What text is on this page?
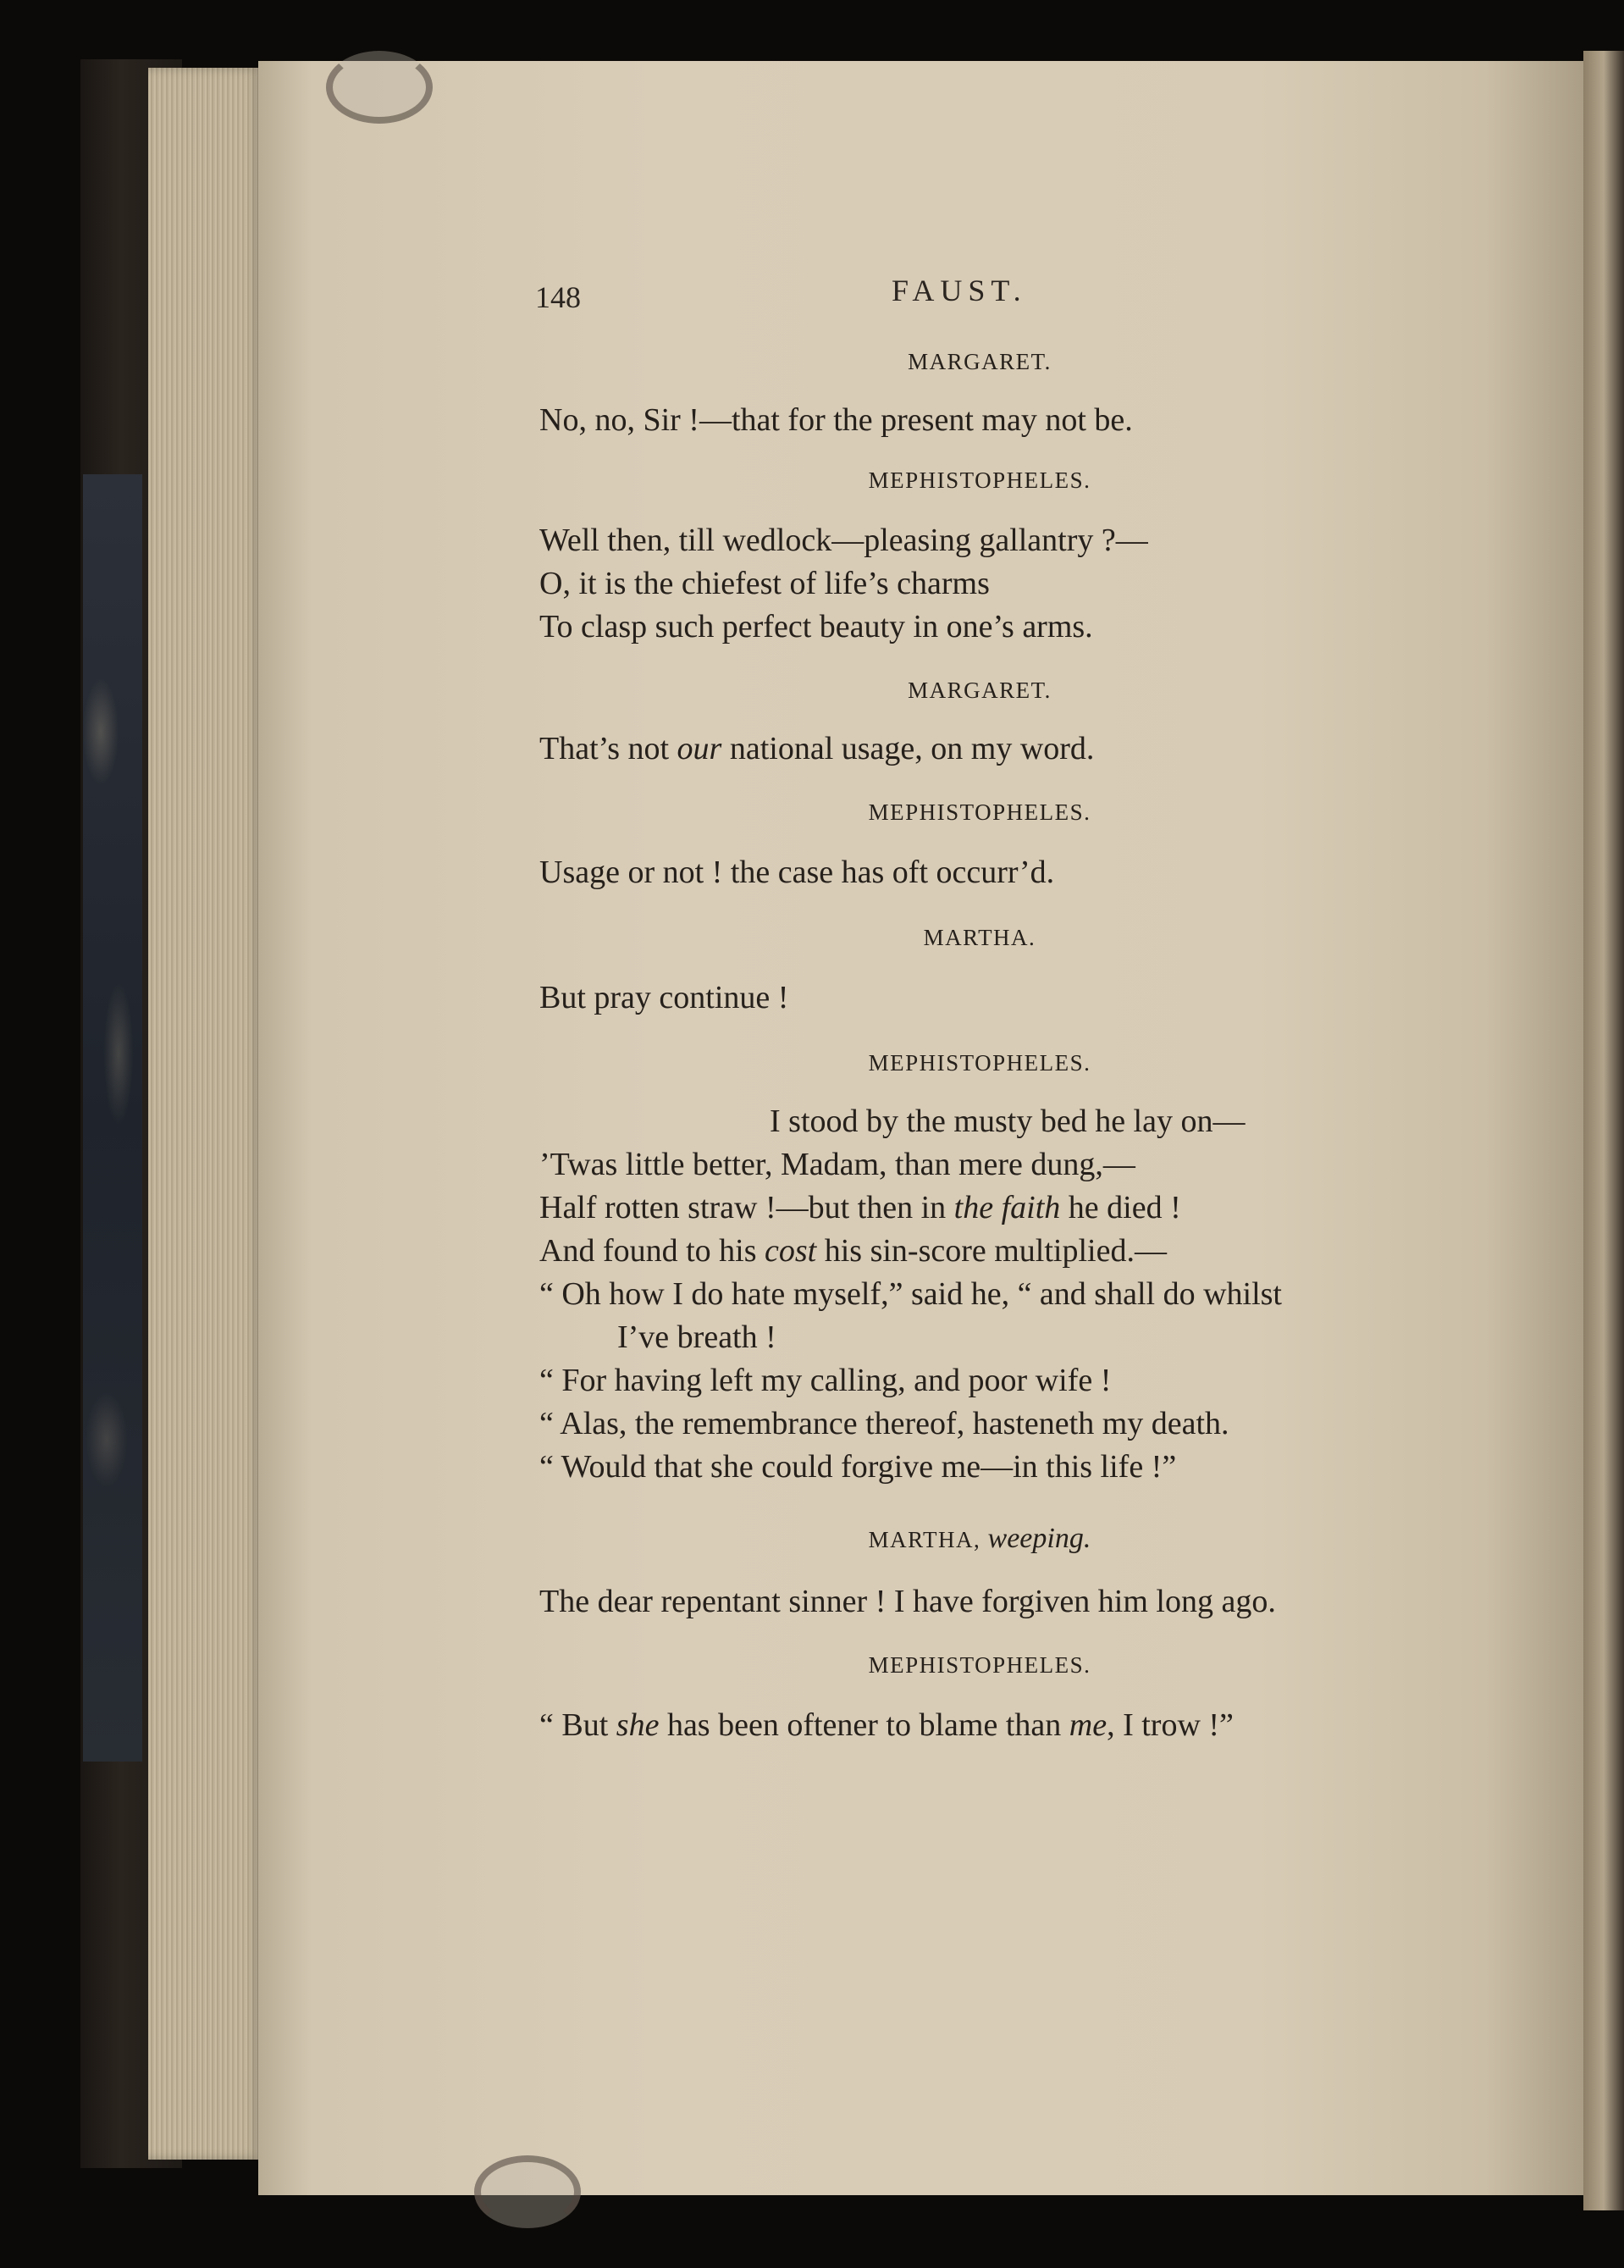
148	FAUST.
MARGARET.
No, no, Sir !—that for the present may not be.
MEPHISTOPHELES.
Well then, till wedlock—pleasing gallantry ?—
O, it is the chiefest of life’s charms
To clasp such perfect beauty in one’s arms.
MARGARET.
That’s not our national usage, on my word.
MEPHISTOPHELES.
Usage or not ! the case has oft occurr’d.
MARTHA.
But pray continue !
MEPHISTOPHELES.
I stood by the musty bed he lay on—
’Twas little better, Madam, than mere dung,—
Half rotten straw !—but then in the faith he died !
And found to his cost his sin-score multiplied.—
“ Oh how I do hate myself,” said he, “ and shall do whilst
I’ve breath !
“ For having left my calling, and poor wife !
“ Alas, the remembrance thereof, hasteneth my death.
“ Would that she could forgive me—in this life !”
MARTHA, weeping.
The dear repentant sinner ! I have forgiven him long ago.
MEPHISTOPHELES.
“ But she has been oftener to blame than me, I trow !”
